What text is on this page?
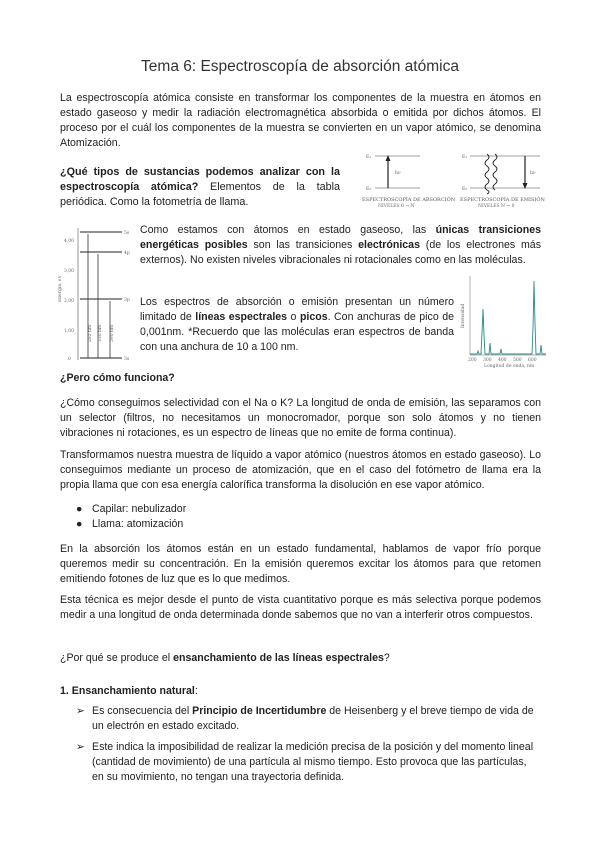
Tema 6: Espectroscopía de absorción atómica

La espectroscopía atómica consiste en transformar los componentes de la muestra en átomos en estado gaseoso y medir la radiación electromagnética absorbida o emitida por dichos átomos. El proceso por el cuál los componentes de la muestra se convierten en un vapor atómico, se denomina Atomización.

¿Qué tipos de sustancias podemos analizar con la espectroscopía atómica? Elementos de la tabla periódica. Como la fotometría de llama.

E₁
E₀
hν
ESPECTROSCOPÍA DE ABSORCIÓN
NIVELES 0 → N
E₁
E₀
hν
ESPECTROSCOPÍA DE EMISIÓN
NIVELES N → 0
Energía, eV
4,00
3,00
2,00
1,00
0
5s
4p
3p
3s
285 nm 330 nm 590 nm

Como estamos con átomos en estado gaseoso, las únicas transiciones energéticas posibles son las transiciones electrónicas (de los electrones más externos). No existen niveles vibracionales ni rotacionales como en las moléculas.

Los espectros de absorción o emisión presentan un número limitado de líneas espectrales o picos. Con anchuras de pico de 0,001nm. *Recuerdo que las moléculas eran espectros de banda con una anchura de 10 a 100 nm.

Intensidad
200 300 400 500 600
Longitud de onda, nm

¿Pero cómo funciona?

¿Cómo conseguimos selectividad con el Na o K? La longitud de onda de emisión, las separamos con un selector (filtros, no necesitamos un monocromador, porque son solo átomos y no tienen vibraciones ni rotaciones, es un espectro de líneas que no emite de forma continua).

Transformamos nuestra muestra de líquido a vapor atómico (nuestros átomos en estado gaseoso). Lo conseguimos mediante un proceso de atomización, que en el caso del fotómetro de llama era la propia llama que con esa energía calorífica transforma la disolución en ese vapor atómico.

● Capilar: nebulizador
● Llama: atomización

En la absorción los átomos están en un estado fundamental, hablamos de vapor frío porque queremos medir su concentración. En la emisión queremos excitar los átomos para que retomen emitiendo fotones de luz que es lo que medimos.

Esta técnica es mejor desde el punto de vista cuantitativo porque es más selectiva porque podemos medir a una longitud de onda determinada donde sabemos que no van a interferir otros compuestos.

¿Por qué se produce el ensanchamiento de las líneas espectrales?

1. Ensanchamiento natural:

➢ Es consecuencia del Principio de Incertidumbre de Heisenberg y el breve tiempo de vida de un electrón en estado excitado.

➢ Este indica la imposibilidad de realizar la medición precisa de la posición y del momento lineal (cantidad de movimiento) de una partícula al mismo tiempo. Esto provoca que las partículas, en su movimiento, no tengan una trayectoria definida.
